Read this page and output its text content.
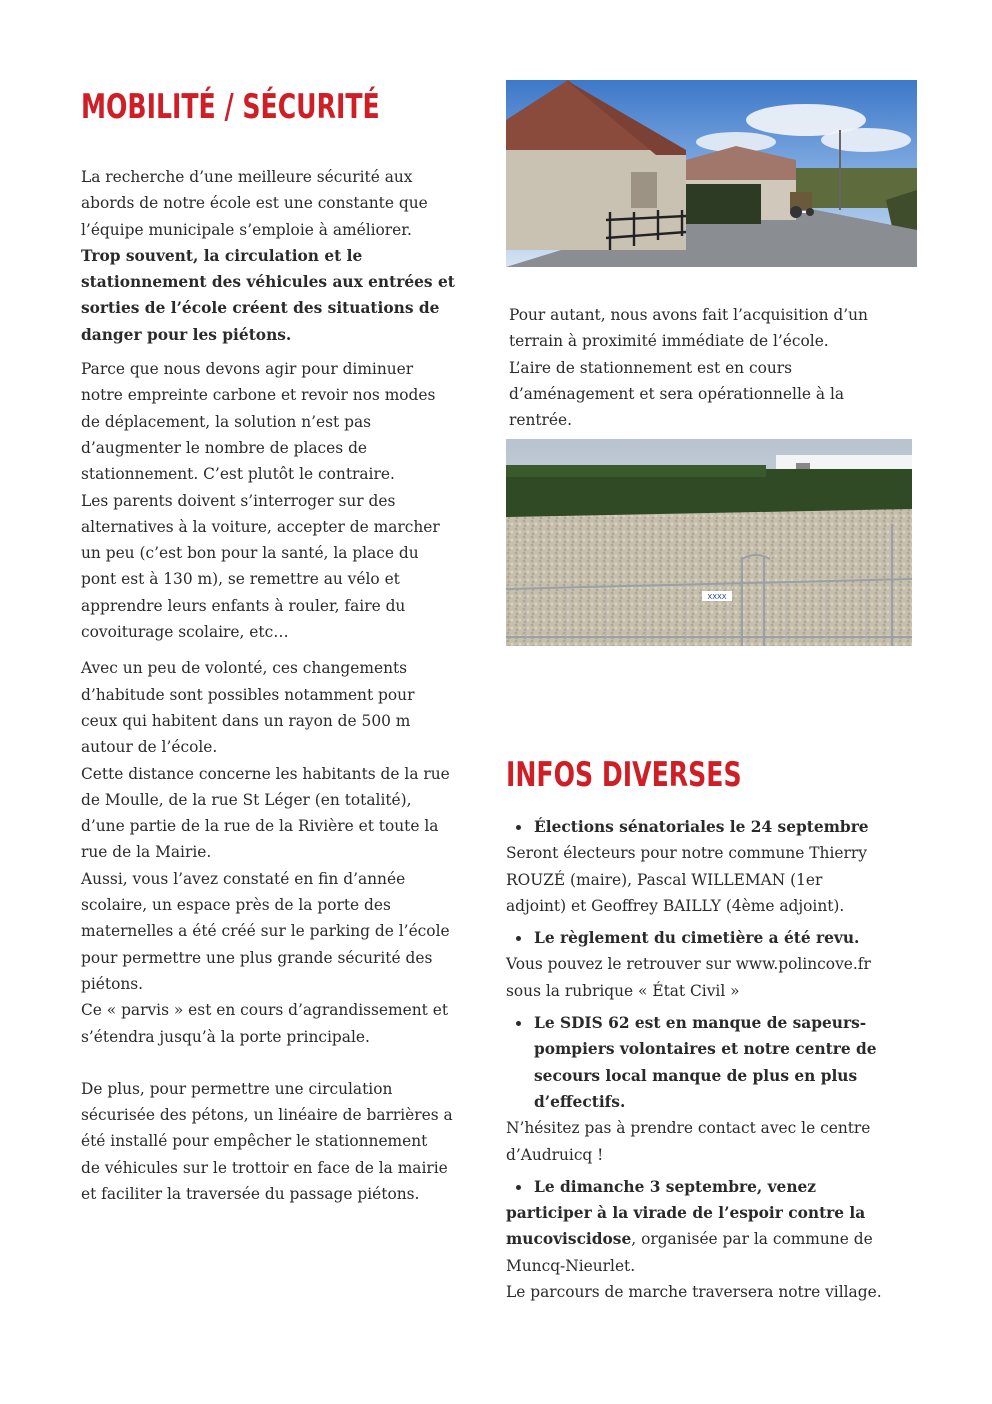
MOBILITÉ / SÉCURITÉ

La recherche d’une meilleure sécurité aux

abords de notre école est une constante que

l’équipe municipale s’emploie à améliorer.

Trop souvent, la circulation et le

stationnement des véhicules aux entrées et

sorties de l’école créent des situations de

danger pour les piétons.

Parce que nous devons agir pour diminuer

notre empreinte carbone et revoir nos modes

de déplacement, la solution n’est pas

d’augmenter le nombre de places de

stationnement. C’est plutôt le contraire.

Les parents doivent s’interroger sur des

alternatives à la voiture, accepter de marcher

un peu (c’est bon pour la santé, la place du

pont est à 130 m), se remettre au vélo et

apprendre leurs enfants à rouler, faire du

covoiturage scolaire, etc…

Avec un peu de volonté, ces changements

d’habitude sont possibles notamment pour

ceux qui habitent dans un rayon de 500 m

autour de l’école.

Cette distance concerne les habitants de la rue

de Moulle, de la rue St Léger (en totalité),

d’une partie de la rue de la Rivière et toute la

rue de la Mairie.

Aussi, vous l’avez constaté en fin d’année

scolaire, un espace près de la porte des

maternelles a été créé sur le parking de l’école

pour permettre une plus grande sécurité des

piétons.

Ce « parvis » est en cours d’agrandissement et

s’étendra jusqu’à la porte principale.

De plus, pour permettre une circulation

sécurisée des pétons, un linéaire de barrières a

été installé pour empêcher le stationnement

de véhicules sur le trottoir en face de la mairie

et faciliter la traversée du passage piétons.

Pour autant, nous avons fait l’acquisition d’un

terrain à proximité immédiate de l’école.

L’aire de stationnement est en cours

d’aménagement et sera opérationnelle à la

rentrée.

XXXX
INFOS DIVERSES

Élections sénatoriales le 24 septembre

Seront électeurs pour notre commune Thierry

ROUZÉ (maire), Pascal WILLEMAN (1er

adjoint) et Geoffrey BAILLY (4ème adjoint).

Le règlement du cimetière a été revu.

Vous pouvez le retrouver sur www.polincove.fr

sous la rubrique « État Civil »

Le SDIS 62 est en manque de sapeurs-

pompiers volontaires et notre centre de

secours local manque de plus en plus

d’effectifs.

N’hésitez pas à prendre contact avec le centre

d’Audruicq !

Le dimanche 3 septembre, venez

participer à la virade de l’espoir contre la

mucoviscidose, organisée par la commune de

Muncq-Nieurlet.

Le parcours de marche traversera notre village.
